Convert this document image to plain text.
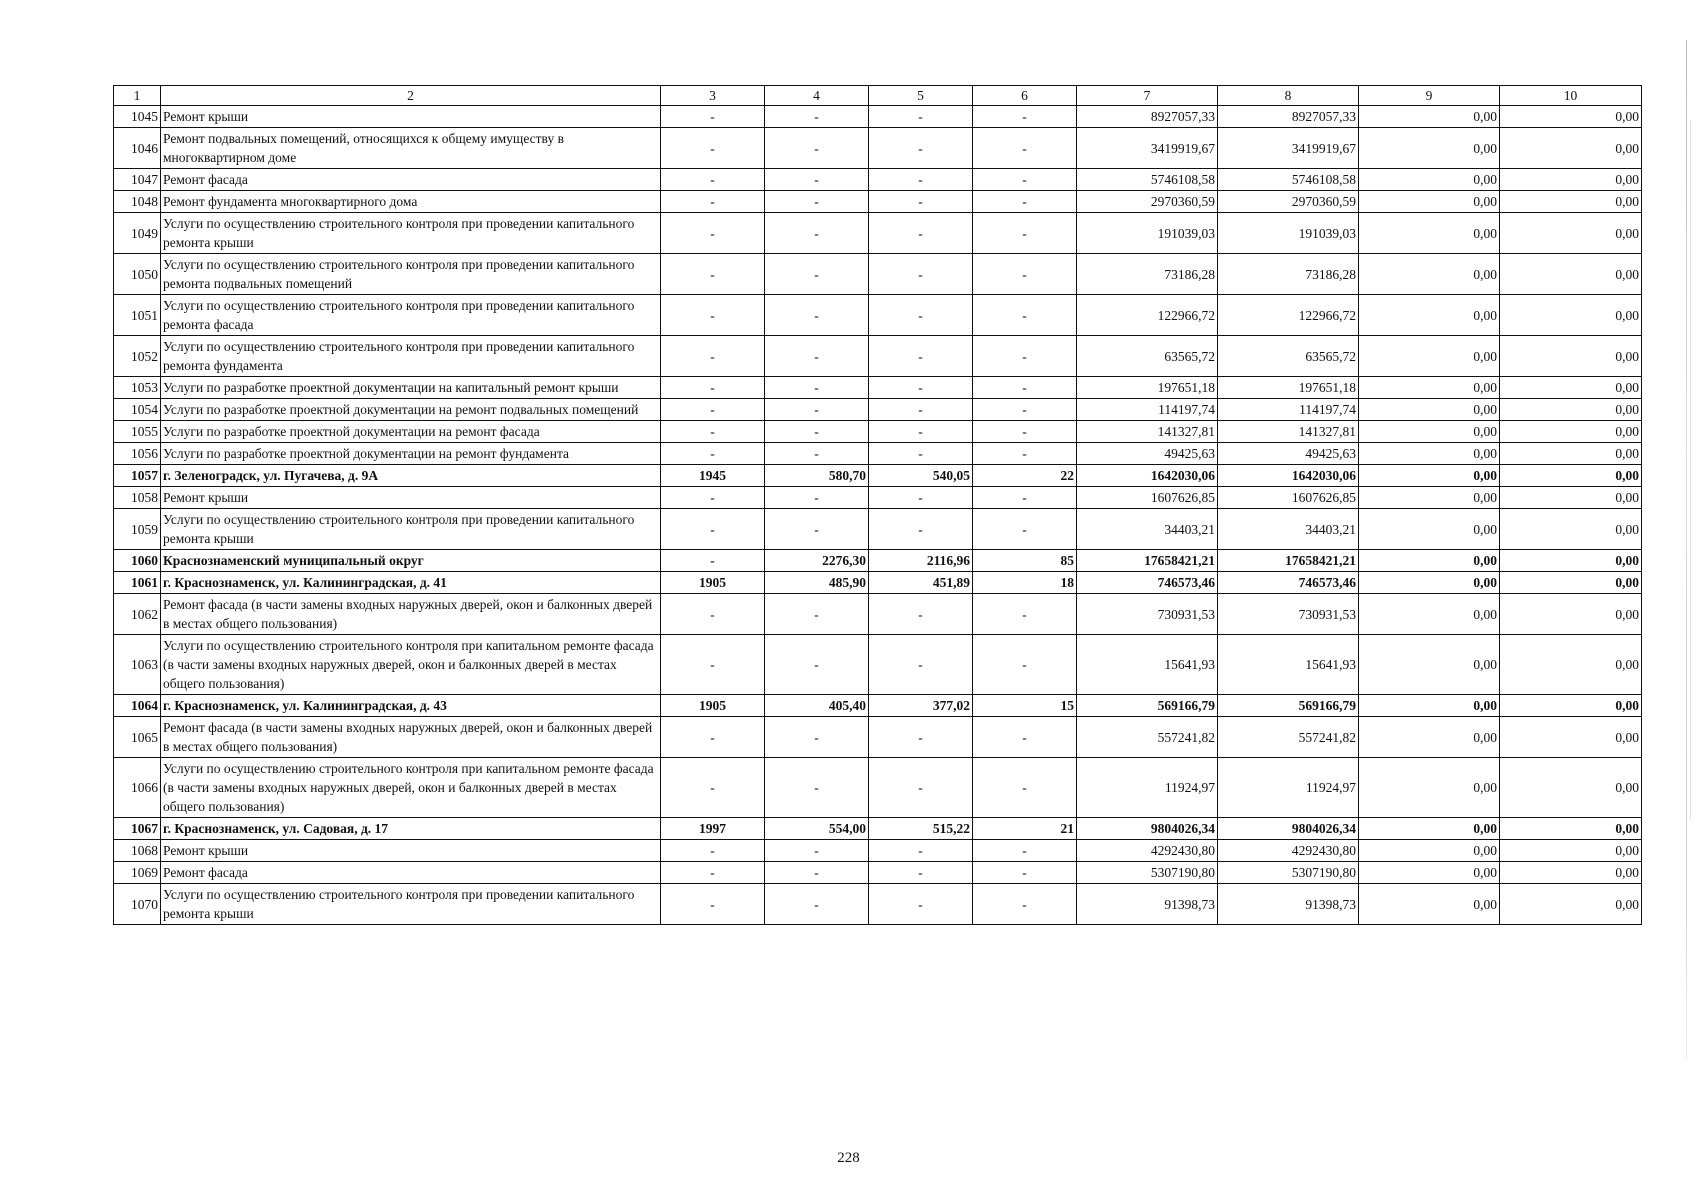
1	2	3	4	5	6	7	8	9	10
1045	Ремонт крыши	-	-	-	-	8927057,33	8927057,33	0,00	0,00
1046	Ремонт подвальных помещений, относящихся к общему имуществу в многоквартирном доме	-	-	-	-	3419919,67	3419919,67	0,00	0,00
1047	Ремонт фасада	-	-	-	-	5746108,58	5746108,58	0,00	0,00
1048	Ремонт фундамента многоквартирного дома	-	-	-	-	2970360,59	2970360,59	0,00	0,00
1049	Услуги по осуществлению строительного контроля при проведении капитального ремонта крыши	-	-	-	-	191039,03	191039,03	0,00	0,00
1050	Услуги по осуществлению строительного контроля при проведении капитального ремонта подвальных помещений	-	-	-	-	73186,28	73186,28	0,00	0,00
1051	Услуги по осуществлению строительного контроля при проведении капитального ремонта фасада	-	-	-	-	122966,72	122966,72	0,00	0,00
1052	Услуги по осуществлению строительного контроля при проведении капитального ремонта фундамента	-	-	-	-	63565,72	63565,72	0,00	0,00
1053	Услуги по разработке проектной документации на капитальный ремонт крыши	-	-	-	-	197651,18	197651,18	0,00	0,00
1054	Услуги по разработке проектной документации на ремонт подвальных помещений	-	-	-	-	114197,74	114197,74	0,00	0,00
1055	Услуги по разработке проектной документации на ремонт фасада	-	-	-	-	141327,81	141327,81	0,00	0,00
1056	Услуги по разработке проектной документации на ремонт фундамента	-	-	-	-	49425,63	49425,63	0,00	0,00
1057	г. Зеленоградск, ул. Пугачева, д. 9А	1945	580,70	540,05	22	1642030,06	1642030,06	0,00	0,00
1058	Ремонт крыши	-	-	-	-	1607626,85	1607626,85	0,00	0,00
1059	Услуги по осуществлению строительного контроля при проведении капитального ремонта крыши	-	-	-	-	34403,21	34403,21	0,00	0,00
1060	Краснознаменский муниципальный округ	-	2276,30	2116,96	85	17658421,21	17658421,21	0,00	0,00
1061	г. Краснознаменск, ул. Калининградская, д. 41	1905	485,90	451,89	18	746573,46	746573,46	0,00	0,00
1062	Ремонт фасада (в части замены входных наружных дверей, окон и балконных дверей в местах общего пользования)	-	-	-	-	730931,53	730931,53	0,00	0,00
1063	Услуги по осуществлению строительного контроля при капитальном ремонте фасада (в части замены входных наружных дверей, окон и балконных дверей в местах общего пользования)	-	-	-	-	15641,93	15641,93	0,00	0,00
1064	г. Краснознаменск, ул. Калининградская, д. 43	1905	405,40	377,02	15	569166,79	569166,79	0,00	0,00
1065	Ремонт фасада (в части замены входных наружных дверей, окон и балконных дверей в местах общего пользования)	-	-	-	-	557241,82	557241,82	0,00	0,00
1066	Услуги по осуществлению строительного контроля при капитальном ремонте фасада (в части замены входных наружных дверей, окон и балконных дверей в местах общего пользования)	-	-	-	-	11924,97	11924,97	0,00	0,00
1067	г. Краснознаменск, ул. Садовая, д. 17	1997	554,00	515,22	21	9804026,34	9804026,34	0,00	0,00
1068	Ремонт крыши	-	-	-	-	4292430,80	4292430,80	0,00	0,00
1069	Ремонт фасада	-	-	-	-	5307190,80	5307190,80	0,00	0,00
1070	Услуги по осуществлению строительного контроля при проведении капитального ремонта крыши	-	-	-	-	91398,73	91398,73	0,00	0,00
228
